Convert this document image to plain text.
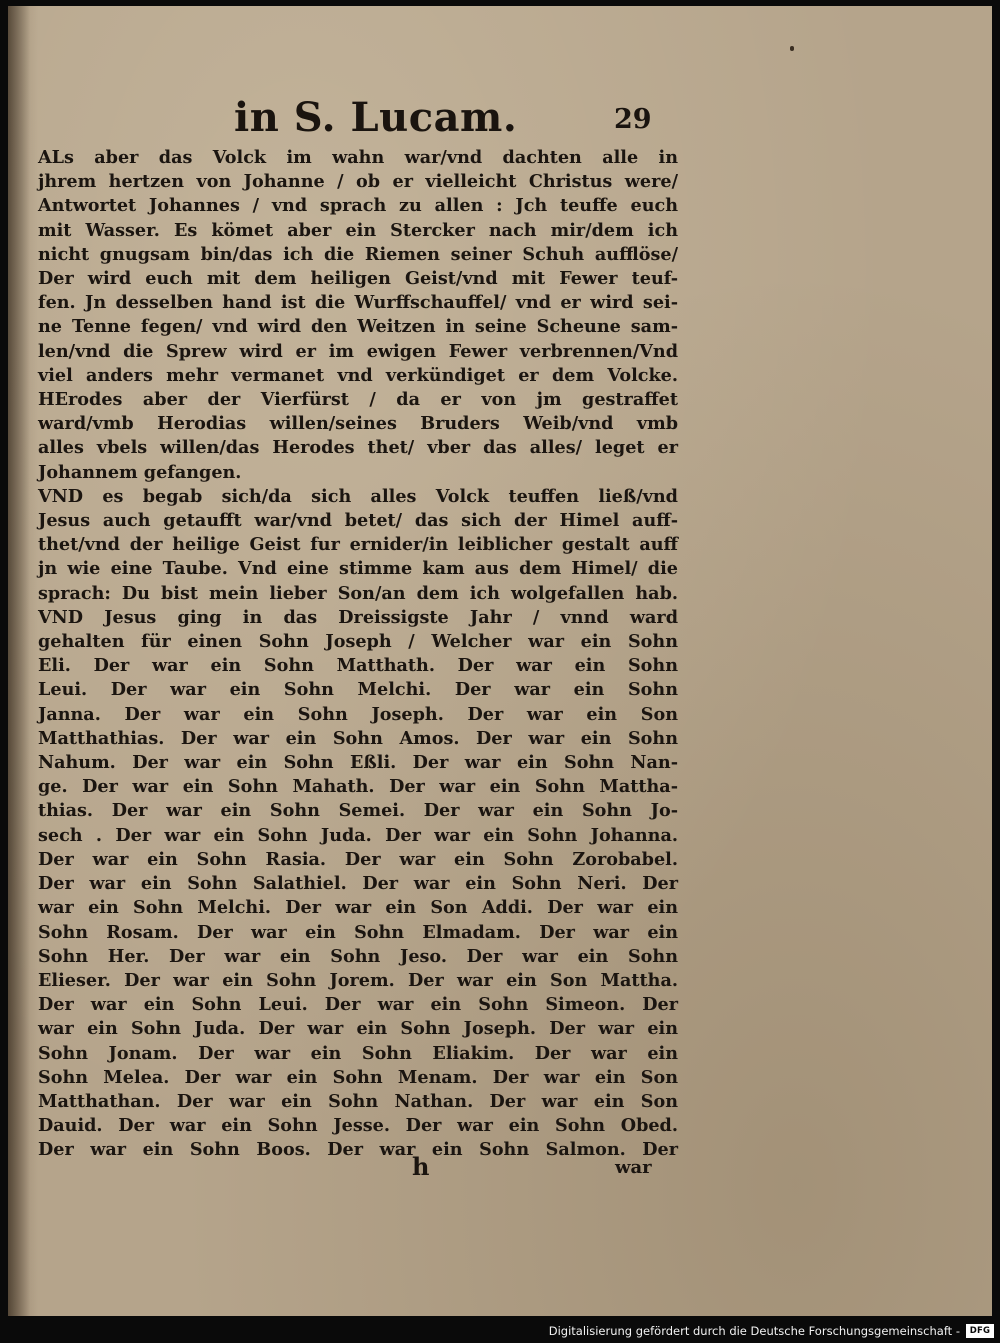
in S. Lucam.	29
ALs aber das Volck im wahn war/vnd dachten alle in
jhrem hertzen von Johanne / ob er vielleicht Christus were/
Antwortet Johannes / vnd sprach zu allen : Jch teuffe euch
mit Wasser. Es kömet aber ein Stercker nach mir/dem ich
nicht gnugsam bin/das ich die Riemen seiner Schuh aufflöse/
Der wird euch mit dem heiligen Geist/vnd mit Fewer teuf-
fen. Jn desselben hand ist die Wurffschauffel/ vnd er wird sei-
ne Tenne fegen/ vnd wird den Weitzen in seine Scheune sam-
len/vnd die Sprew wird er im ewigen Fewer verbrennen/Vnd
viel anders mehr vermanet vnd verkündiget er dem Volcke.
HErodes aber der Vierfürst / da er von jm gestraffet
ward/vmb Herodias willen/seines Bruders Weib/vnd vmb
alles vbels willen/das Herodes thet/ vber das alles/ leget er
Johannem gefangen.
VND es begab sich/da sich alles Volck teuffen ließ/vnd
Jesus auch getaufft war/vnd betet/ das sich der Himel auff-
thet/vnd der heilige Geist fur ernider/in leiblicher gestalt auff
jn wie eine Taube. Vnd eine stimme kam aus dem Himel/ die
sprach: Du bist mein lieber Son/an dem ich wolgefallen hab.
VND Jesus ging in das Dreissigste Jahr / vnnd ward
gehalten für einen Sohn Joseph / Welcher war ein Sohn
Eli. Der war ein Sohn Matthath. Der war ein Sohn
Leui. Der war ein Sohn Melchi. Der war ein Sohn
Janna. Der war ein Sohn Joseph. Der war ein Son
Matthathias. Der war ein Sohn Amos. Der war ein Sohn
Nahum. Der war ein Sohn Eßli. Der war ein Sohn Nan-
ge. Der war ein Sohn Mahath. Der war ein Sohn Mattha-
thias. Der war ein Sohn Semei. Der war ein Sohn Jo-
sech . Der war ein Sohn Juda. Der war ein Sohn Johanna.
Der war ein Sohn Rasia. Der war ein Sohn Zorobabel.
Der war ein Sohn Salathiel. Der war ein Sohn Neri. Der
war ein Sohn Melchi. Der war ein Son Addi. Der war ein
Sohn Rosam. Der war ein Sohn Elmadam. Der war ein
Sohn Her. Der war ein Sohn Jeso. Der war ein Sohn
Elieser. Der war ein Sohn Jorem. Der war ein Son Mattha.
Der war ein Sohn Leui. Der war ein Sohn Simeon. Der
war ein Sohn Juda. Der war ein Sohn Joseph. Der war ein
Sohn Jonam. Der war ein Sohn Eliakim. Der war ein
Sohn Melea. Der war ein Sohn Menam. Der war ein Son
Matthathan. Der war ein Sohn Nathan. Der war ein Son
Dauid. Der war ein Sohn Jesse. Der war ein Sohn Obed.
Der war ein Sohn Boos. Der war ein Sohn Salmon. Der
h	war
Digitalisierung gefördert durch die Deutsche Forschungsgemeinschaft -	DFG
